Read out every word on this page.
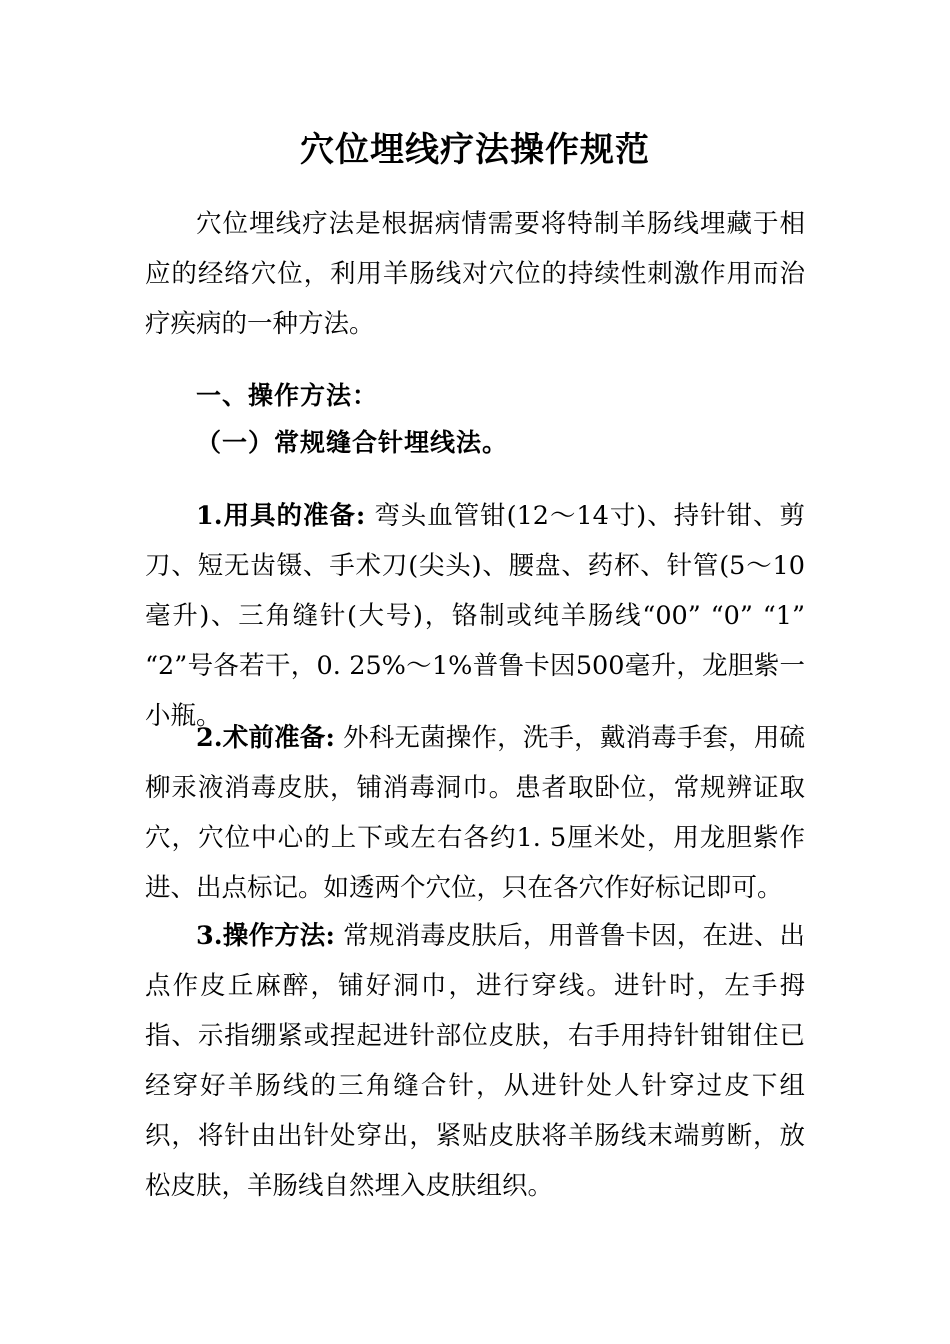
穴位埋线疗法操作规范
穴位埋线疗法是根据病情需要将特制羊肠线埋藏于相应的经络穴位，利用羊肠线对穴位的持续性刺激作用而治疗疾病的一种方法。
一、操作方法：
（一）常规缝合针埋线法。
1.用具的准备: 弯头血管钳(12～14寸)、持针钳、剪刀、短无齿镊、手术刀(尖头)、腰盘、药杯、针管(5～10毫升)、三角缝针(大号)，铬制或纯羊肠线“00” “0” “1” “2”号各若干，0. 25%～1%普鲁卡因500毫升，龙胆紫一小瓶。
2.术前准备: 外科无菌操作，洗手，戴消毒手套，用硫柳汞液消毒皮肤，铺消毒洞巾。患者取卧位，常规辨证取穴，穴位中心的上下或左右各约1. 5厘米处，用龙胆紫作进、出点标记。如透两个穴位，只在各穴作好标记即可。
3.操作方法: 常规消毒皮肤后，用普鲁卡因，在进、出点作皮丘麻醉，铺好洞巾，进行穿线。进针时，左手拇指、示指绷紧或捏起进针部位皮肤，右手用持针钳钳住已经穿好羊肠线的三角缝合针，从进针处人针穿过皮下组织，将针由出针处穿出，紧贴皮肤将羊肠线末端剪断，放松皮肤，羊肠线自然埋入皮肤组织。
